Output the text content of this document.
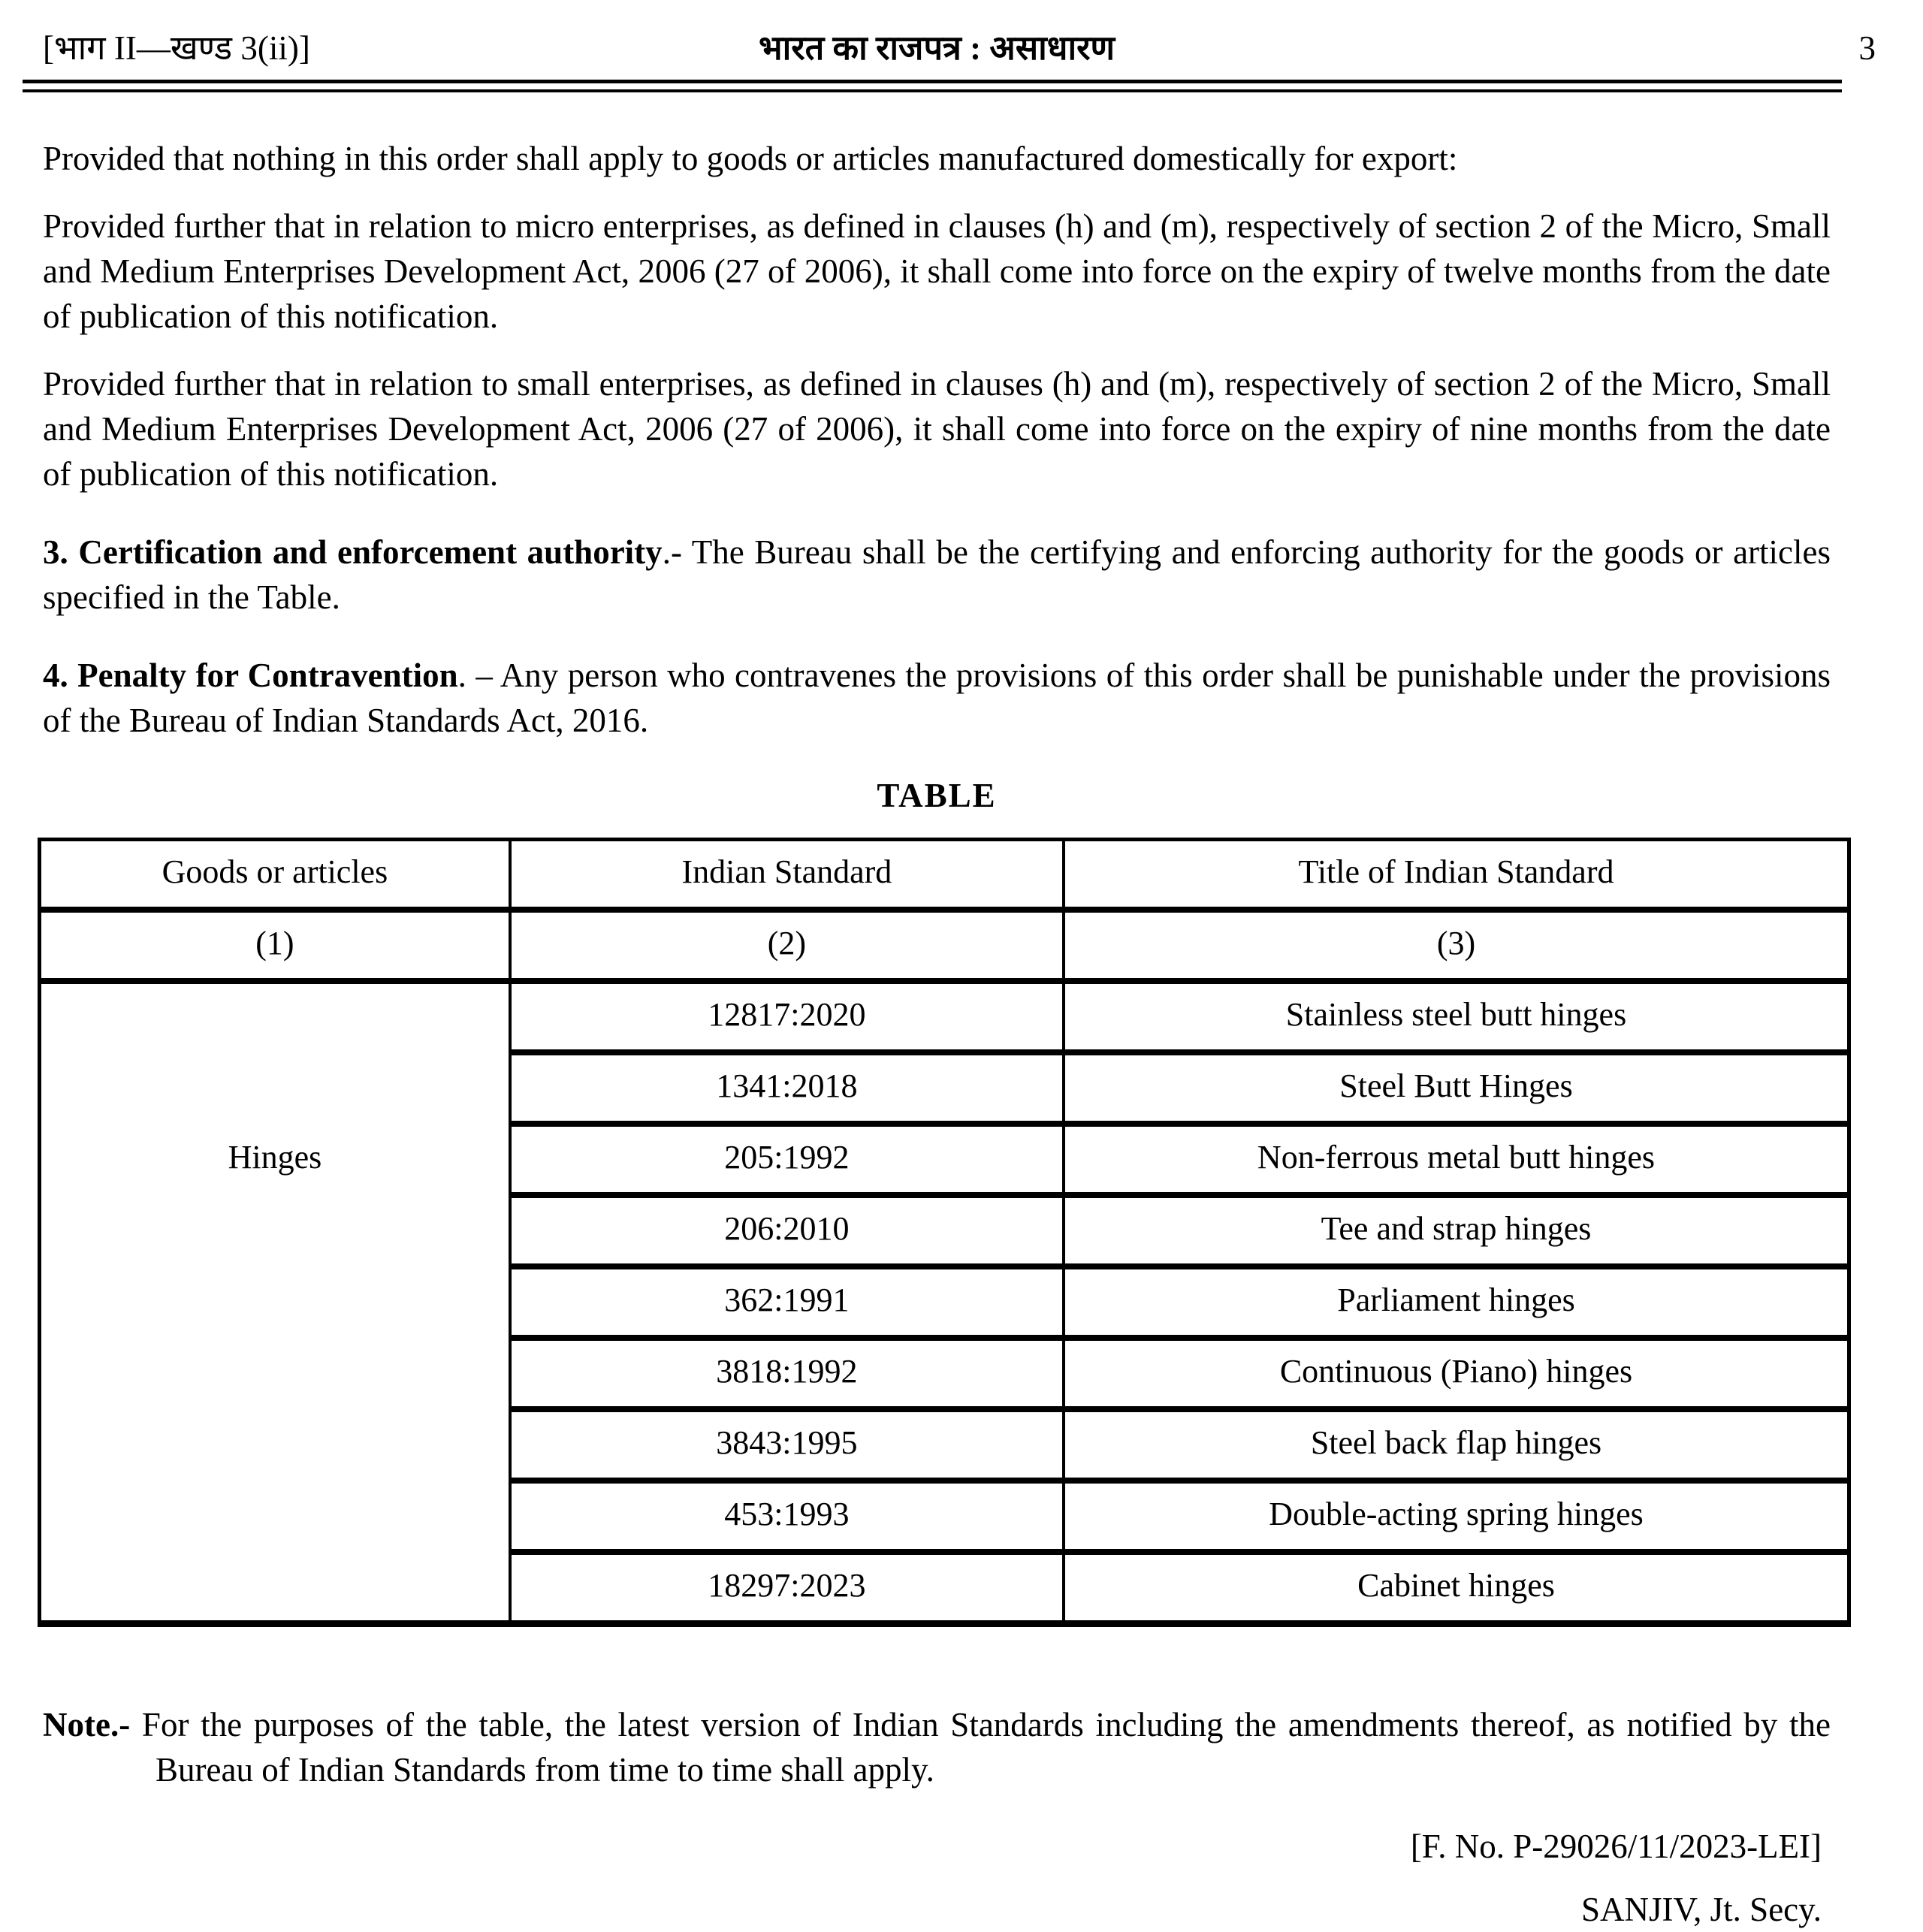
[भाग II—खण्ड 3(ii)]	भारत का राजपत्र : असाधारण	3

Provided that nothing in this order shall apply to goods or articles manufactured domestically for export:

Provided further that in relation to micro enterprises, as defined in clauses (h) and (m), respectively of section 2 of the Micro, Small and Medium Enterprises Development Act, 2006 (27 of 2006), it shall come into force on the expiry of twelve months from the date of publication of this notification.

Provided further that in relation to small enterprises, as defined in clauses (h) and (m), respectively of section 2 of the Micro, Small and Medium Enterprises Development Act, 2006 (27 of 2006), it shall come into force on the expiry of nine months from the date of publication of this notification.

3. Certification and enforcement authority.- The Bureau shall be the certifying and enforcing authority for the goods or articles specified in the Table.

4. Penalty for Contravention. – Any person who contravenes the provisions of this order shall be punishable under the provisions of the Bureau of Indian Standards Act, 2016.

TABLE
Goods or articles	Indian Standard	Title of Indian Standard
(1)	(2)	(3)

Hinges	12817:2020	Stainless steel butt hinges
	1341:2018	Steel Butt Hinges
	205:1992	Non-ferrous metal butt hinges
	206:2010	Tee and strap hinges
	362:1991	Parliament hinges
	3818:1992	Continuous (Piano) hinges
	3843:1995	Steel back flap hinges
	453:1993	Double-acting spring hinges
	18297:2023	Cabinet hinges
Note.- For the purposes of the table, the latest version of Indian Standards including the amendments thereof, as notified by the Bureau of Indian Standards from time to time shall apply.
[F. No. P-29026/11/2023-LEI]
SANJIV, Jt. Secy.
